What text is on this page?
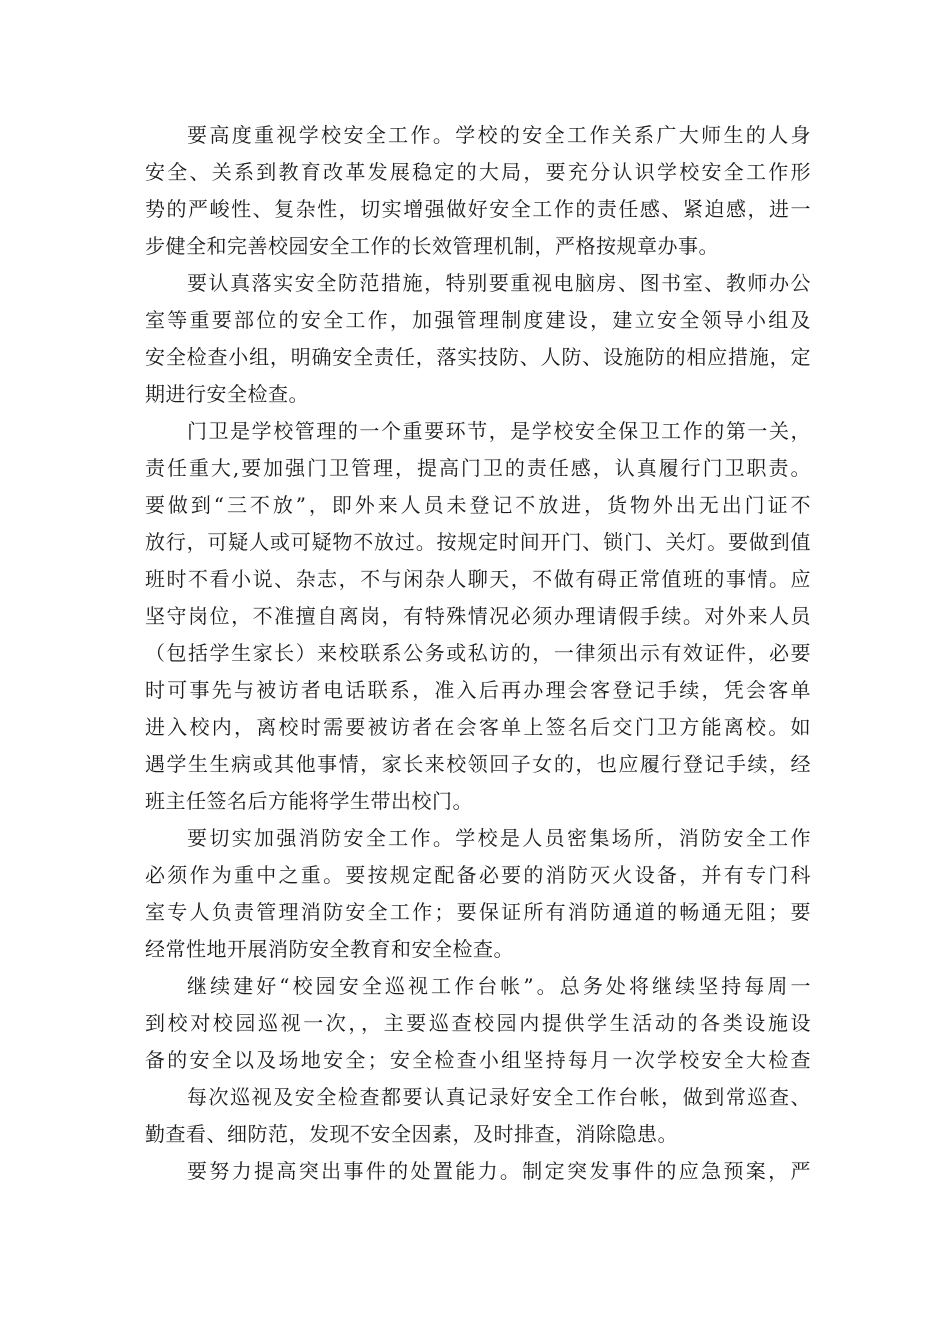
要高度重视学校安全工作。学校的安全工作关系广大师生的人身
安全、关系到教育改革发展稳定的大局，要充分认识学校安全工作形
势的严峻性、复杂性，切实增强做好安全工作的责任感、紧迫感，进一
步健全和完善校园安全工作的长效管理机制，严格按规章办事。
要认真落实安全防范措施，特别要重视电脑房、图书室、教师办公
室等重要部位的安全工作，加强管理制度建设，建立安全领导小组及
安全检查小组，明确安全责任，落实技防、人防、设施防的相应措施，定
期进行安全检查。
门卫是学校管理的一个重要环节，是学校安全保卫工作的第一关，
责任重大,要加强门卫管理，提高门卫的责任感，认真履行门卫职责。
要做到“三不放”，即外来人员未登记不放进，货物外出无出门证不
放行，可疑人或可疑物不放过。按规定时间开门、锁门、关灯。要做到值
班时不看小说、杂志，不与闲杂人聊天，不做有碍正常值班的事情。应
坚守岗位，不准擅自离岗，有特殊情况必须办理请假手续。对外来人员
（包括学生家长）来校联系公务或私访的，一律须出示有效证件，必要
时可事先与被访者电话联系，准入后再办理会客登记手续，凭会客单
进入校内，离校时需要被访者在会客单上签名后交门卫方能离校。如
遇学生生病或其他事情，家长来校领回子女的，也应履行登记手续，经
班主任签名后方能将学生带出校门。
要切实加强消防安全工作。学校是人员密集场所，消防安全工作
必须作为重中之重。要按规定配备必要的消防灭火设备，并有专门科
室专人负责管理消防安全工作；要保证所有消防通道的畅通无阻；要
经常性地开展消防安全教育和安全检查。
继续建好“校园安全巡视工作台帐”。总务处将继续坚持每周一
到校对校园巡视一次，，主要巡查校园内提供学生活动的各类设施设
备的安全以及场地安全；安全检查小组坚持每月一次学校安全大检查
每次巡视及安全检查都要认真记录好安全工作台帐，做到常巡查、
勤查看、细防范，发现不安全因素，及时排查，消除隐患。
要努力提高突出事件的处置能力。制定突发事件的应急预案，严
